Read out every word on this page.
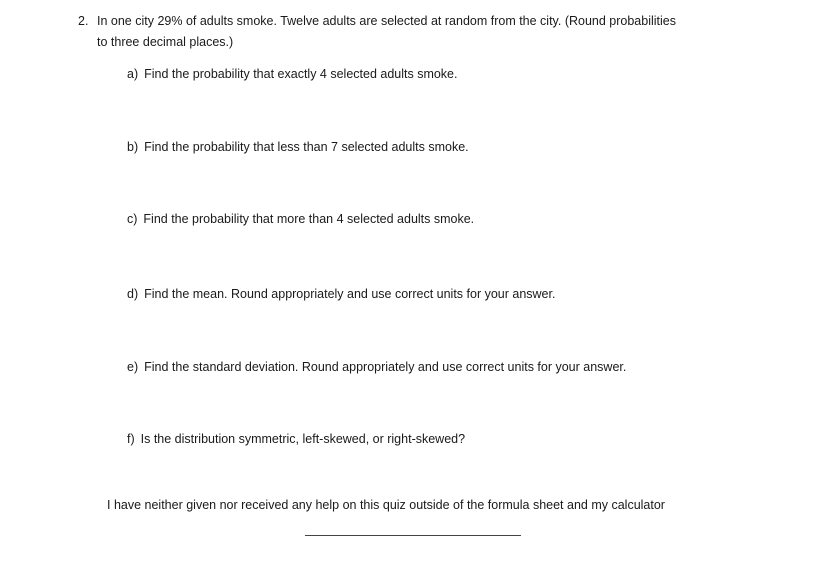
2. In one city 29% of adults smoke. Twelve adults are selected at random from the city. (Round probabilities
to three decimal places.)
a) Find the probability that exactly 4 selected adults smoke.
b) Find the probability that less than 7 selected adults smoke.
c) Find the probability that more than 4 selected adults smoke.
d) Find the mean. Round appropriately and use correct units for your answer.
e) Find the standard deviation. Round appropriately and use correct units for your answer.
f) Is the distribution symmetric, left-skewed, or right-skewed?
I have neither given nor received any help on this quiz outside of the formula sheet and my calculator
